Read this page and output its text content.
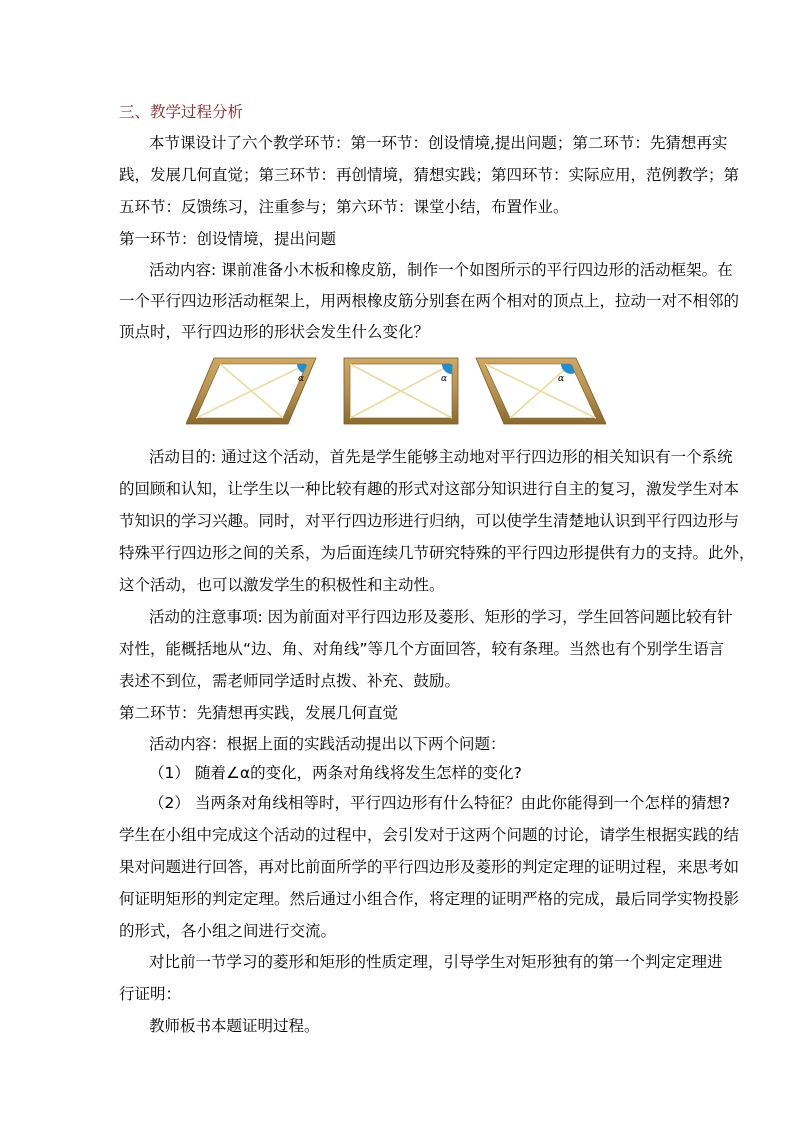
三、教学过程分析
本节课设计了六个教学环节：第一环节：创设情境,提出问题；第二环节：先猜想再实
践，发展几何直觉；第三环节：再创情境，猜想实践；第四环节：实际应用，范例教学；第
五环节：反馈练习，注重参与；第六环节：课堂小结，布置作业。
第一环节：创设情境，提出问题
活动内容: 课前准备小木板和橡皮筋，制作一个如图所示的平行四边形的活动框架。在
一个平行四边形活动框架上，用两根橡皮筋分别套在两个相对的顶点上，拉动一对不相邻的
顶点时，平行四边形的形状会发生什么变化？
α	α	α
活动目的: 通过这个活动，首先是学生能够主动地对平行四边形的相关知识有一个系统
的回顾和认知，让学生以一种比较有趣的形式对这部分知识进行自主的复习，激发学生对本
节知识的学习兴趣。同时，对平行四边形进行归纳，可以使学生清楚地认识到平行四边形与
特殊平行四边形之间的关系，为后面连续几节研究特殊的平行四边形提供有力的支持。此外，
这个活动，也可以激发学生的积极性和主动性。
活动的注意事项: 因为前面对平行四边形及菱形、矩形的学习，学生回答问题比较有针
对性，能概括地从“边、角、对角线”等几个方面回答，较有条理。当然也有个别学生语言
表述不到位，需老师同学适时点拨、补充、鼓励。
第二环节：先猜想再实践，发展几何直觉
活动内容：根据上面的实践活动提出以下两个问题：
（1） 随着∠α的变化，两条对角线将发生怎样的变化?
（2） 当两条对角线相等时，平行四边形有什么特征？由此你能得到一个怎样的猜想?
学生在小组中完成这个活动的过程中，会引发对于这两个问题的讨论，请学生根据实践的结
果对问题进行回答，再对比前面所学的平行四边形及菱形的判定定理的证明过程，来思考如
何证明矩形的判定定理。然后通过小组合作，将定理的证明严格的完成，最后同学实物投影
的形式，各小组之间进行交流。
对比前一节学习的菱形和矩形的性质定理，引导学生对矩形独有的第一个判定定理进
行证明：
教师板书本题证明过程。
